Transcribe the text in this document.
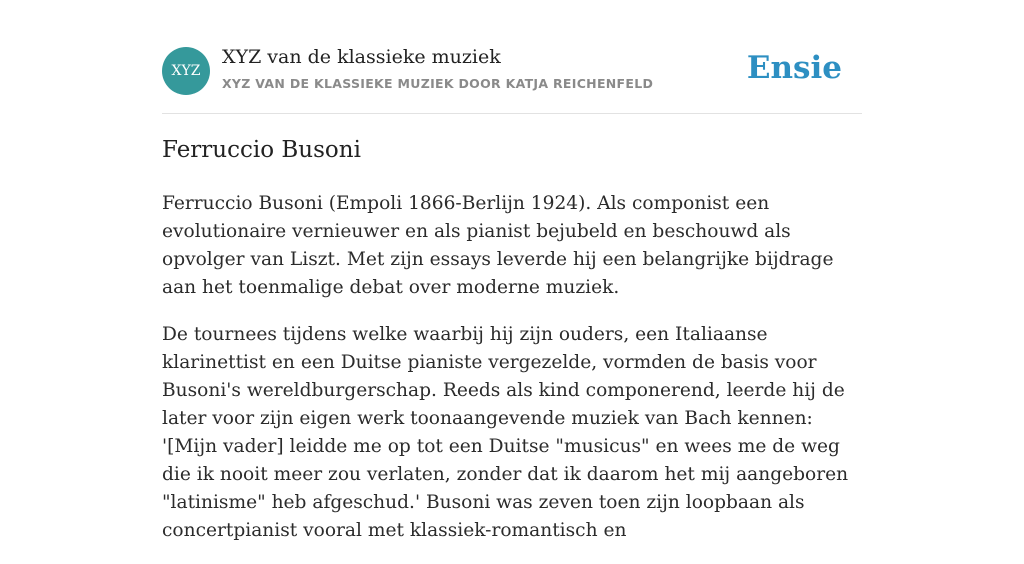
XYZ
XYZ van de klassieke muziek
XYZ VAN DE KLASSIEKE MUZIEK DOOR KATJA REICHENFELD	Ensie
Ferruccio Busoni

Ferruccio Busoni (Empoli 1866-Berlijn 1924). Als componist een evolutionaire vernieuwer en als pianist bejubeld en beschouwd als opvolger van Liszt. Met zijn essays leverde hij een belangrijke bijdrage aan het toenmalige debat over moderne muziek.

De tournees tijdens welke waarbij hij zijn ouders, een Italiaanse klarinettist en een Duitse pianiste vergezelde, vormden de basis voor Busoni's wereldburgerschap. Reeds als kind componerend, leerde hij de later voor zijn eigen werk toonaangevende muziek van Bach kennen: '[Mijn vader] leidde me op tot een Duitse "musicus" en wees me de weg die ik nooit meer zou verlaten, zonder dat ik daarom het mij aangeboren "latinisme" heb afgeschud.' Busoni was zeven toen zijn loopbaan als concertpianist vooral met klassiek-romantisch en
